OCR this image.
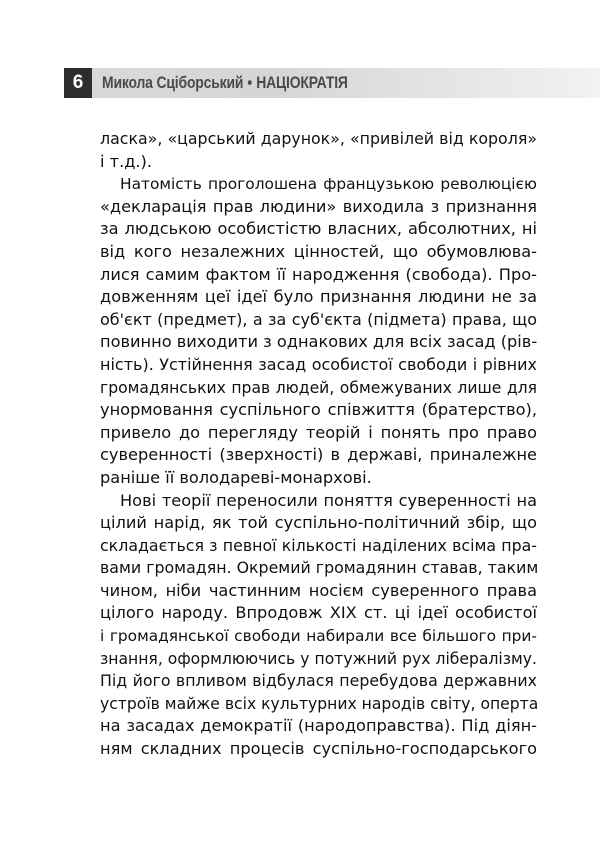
6	Микола Сціборський • НАЦІОКРАТІЯ
ласка», «царський дарунок», «привілей від короля»
і т.д.).
Натомість проголошена французькою революцією
«декларація прав людини» виходила з признання
за людською особистістю власних, абсолютних, ні
від кого незалежних цінностей, що обумовлюва-
лися самим фактом її народження (свобода). Про-
довженням цеї ідеї було признання людини не за
об'єкт (предмет), а за суб'єкта (підмета) права, що
повинно виходити з однакових для всіх засад (рів-
ність). Устійнення засад особистої свободи і рівних
громадянських прав людей, обмежуваних лише для
унормовання суспільного співжиття (братерство),
привело до перегляду теорій і понять про право
суверенності (зверхності) в державі, приналежне
раніше її володареві-монархові.
Нові теорії переносили поняття суверенності на
цілий нарід, як той суспільно-політичний збір, що
складається з певної кількості наділених всіма пра-
вами громадян. Окремий громадянин ставав, таким
чином, ніби частинним носієм суверенного права
цілого народу. Впродовж XIX ст. ці ідеї особистої
і громадянської свободи набирали все більшого при-
знання, оформлюючись у потужний рух лібералізму.
Під його впливом відбулася перебудова державних
устроїв майже всіх культурних народів світу, оперта
на засадах демократії (народоправства). Під діян-
ням складних процесів суспільно-господарського
